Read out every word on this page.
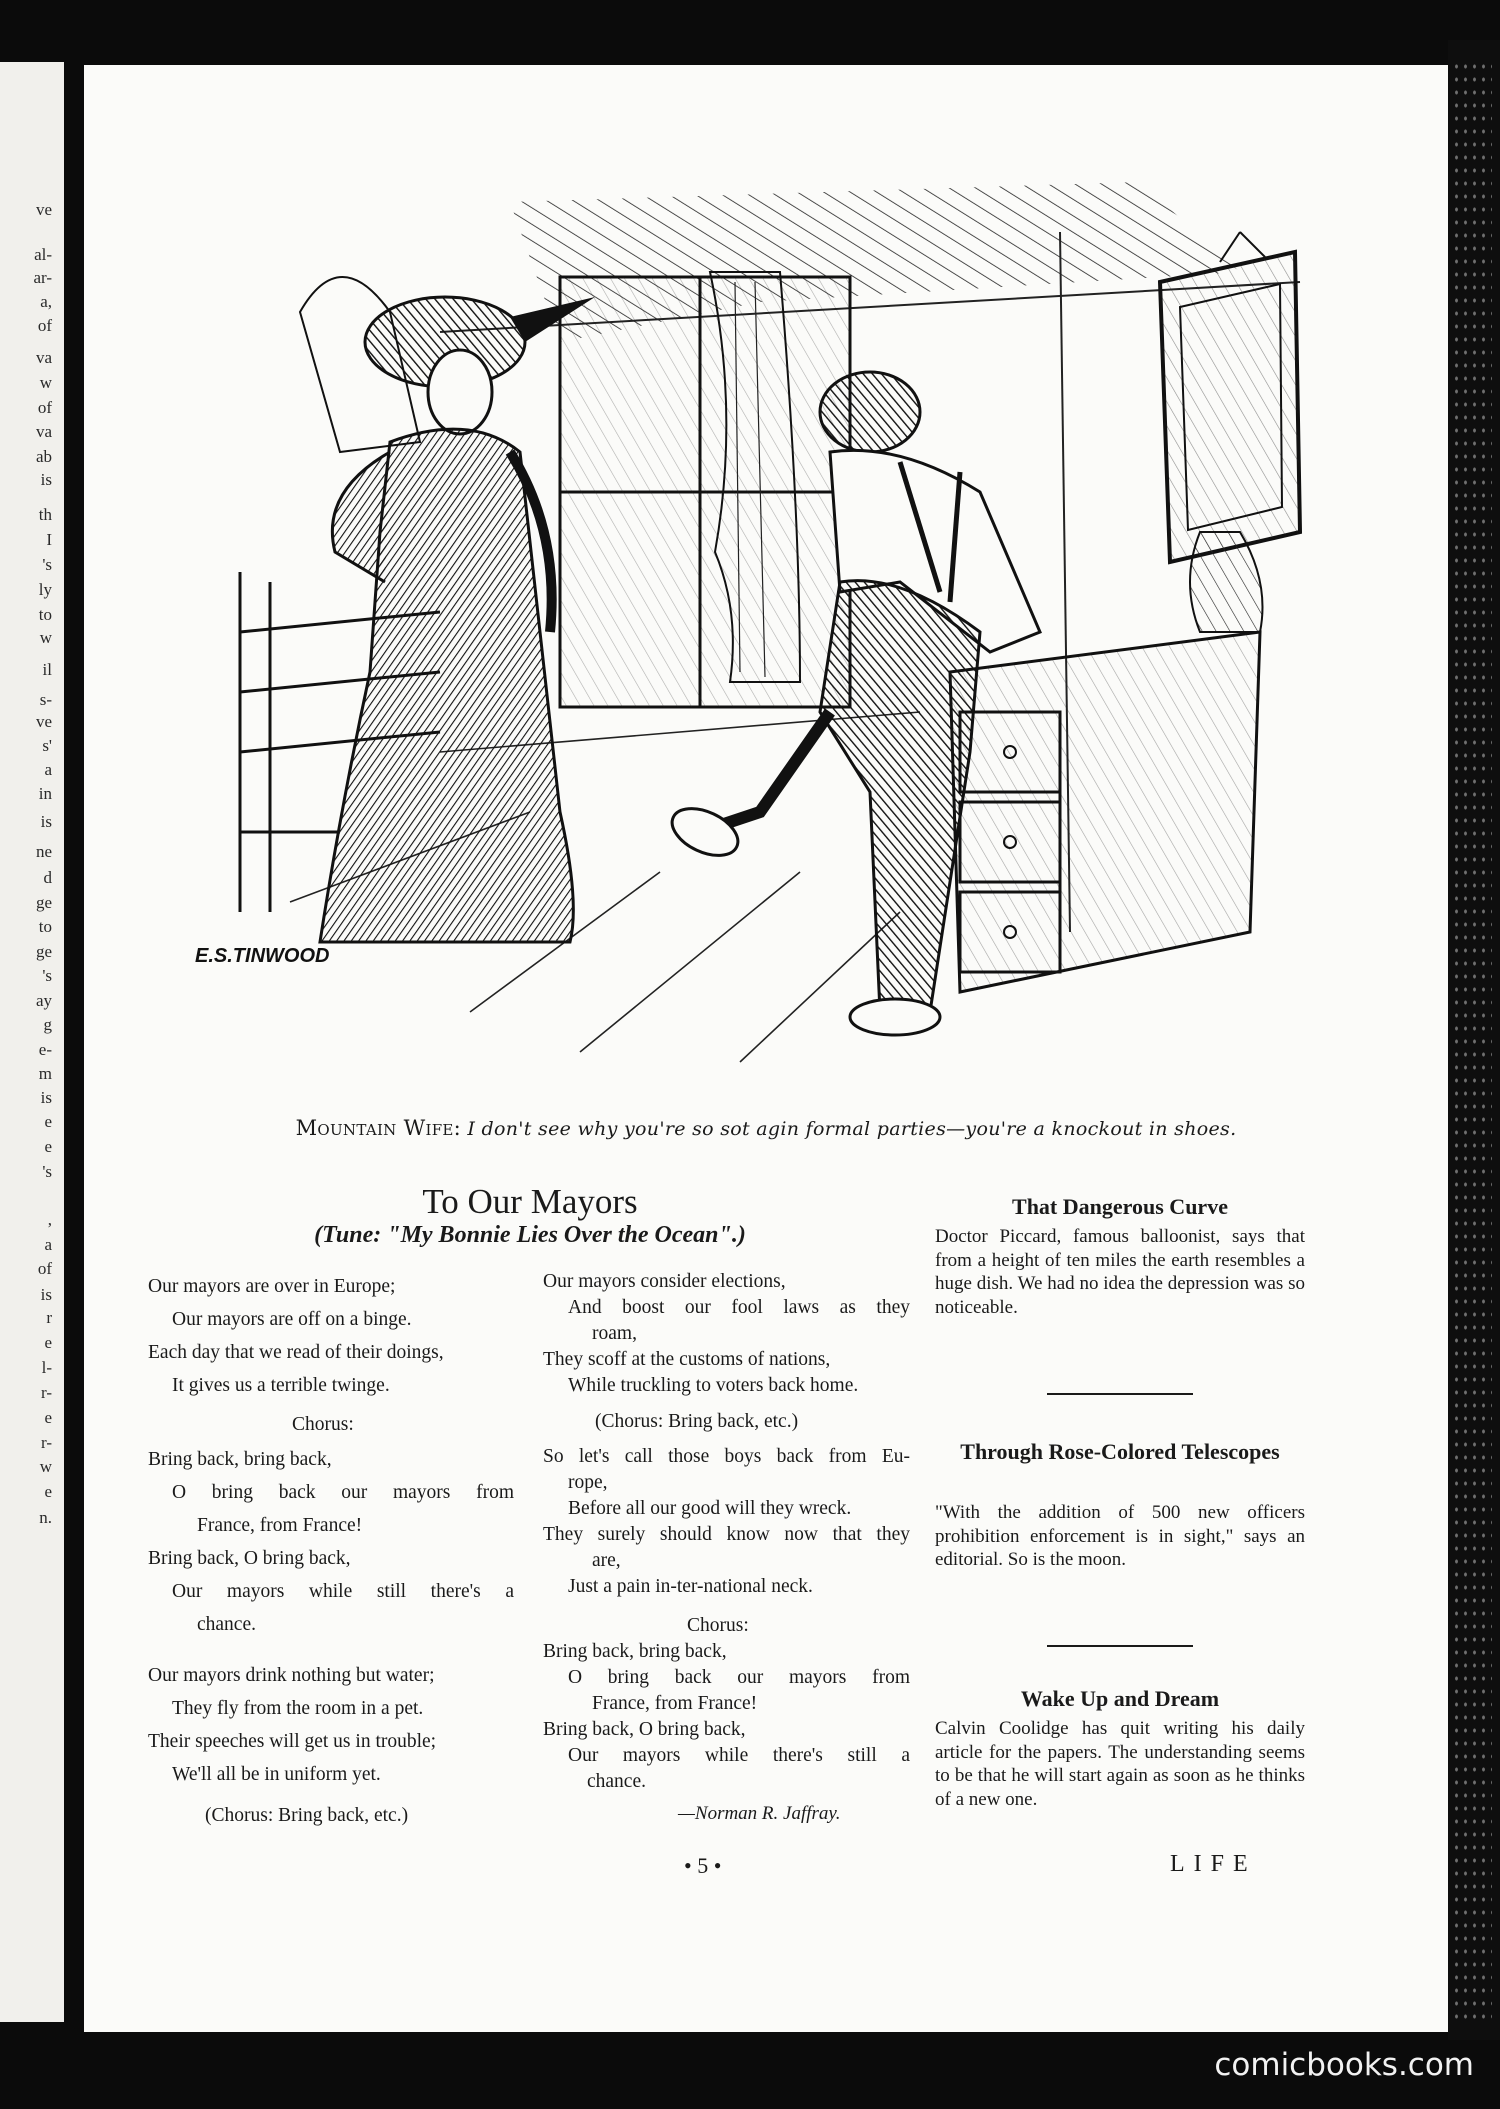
ve
al-
ar-
a,
of
va
w
of
va
ab
is
th
I
's
ly
to
w
il
s-
ve
s'
a
in
is
ne
d
ge
to
ge
's
ay
g
e-
m
is
e
e
's
,
a
of
is
r
e
l-
r-
e
r-
w
e
n.
E.S.TINWOOD
Mountain Wife: I don't see why you're so sot agin formal parties—you're a knockout in shoes.
To Our Mayors
(Tune: "My Bonnie Lies Over the Ocean".)
Our mayors are over in Europe;
Our mayors are off on a binge.
Each day that we read of their doings,
It gives us a terrible twinge.
Chorus:
Bring back, bring back,
O bring back our mayors from
France, from France!
Bring back, O bring back,
Our mayors while still there's a
chance.
Our mayors drink nothing but water;
They fly from the room in a pet.
Their speeches will get us in trouble;
We'll all be in uniform yet.
(Chorus: Bring back, etc.)
Our mayors consider elections,
And boost our fool laws as they
roam,
They scoff at the customs of nations,
While truckling to voters back home.
(Chorus: Bring back, etc.)
So let's call those boys back from Eu-
rope,
Before all our good will they wreck.
They surely should know now that they
are,
Just a pain in-ter-national neck.
Chorus:
Bring back, bring back,
O bring back our mayors from
France, from France!
Bring back, O bring back,
Our mayors while there's still a
chance.
—Norman R. Jaffray.
That Dangerous Curve
Doctor Piccard, famous balloonist, says that from a height of ten miles the earth resembles a huge dish. We had no idea the depression was so noticeable.
Through Rose-Colored Telescopes
"With the addition of 500 new officers prohibition enforcement is in sight," says an editorial. So is the moon.
Wake Up and Dream
Calvin Coolidge has quit writing his daily article for the papers. The understanding seems to be that he will start again as soon as he thinks of a new one.
• 5 •	LIFE
comicbooks.com
